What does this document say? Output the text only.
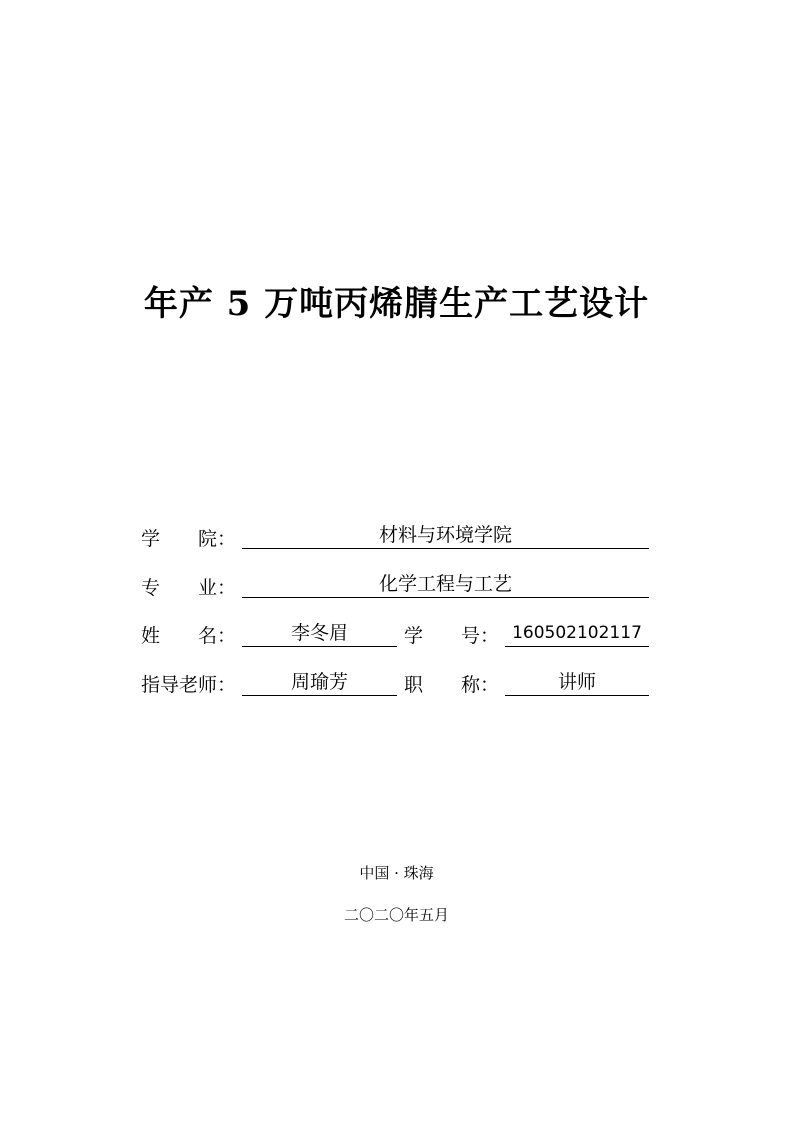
年产 5 万吨丙烯腈生产工艺设计
学　　院：	材料与环境学院
专　　业：	化学工程与工艺
姓　　名：	李冬眉	学　　号： 160502102117
指导老师：	周瑜芳	职　　称：	讲师
中国 · 珠海
二〇二〇年五月
